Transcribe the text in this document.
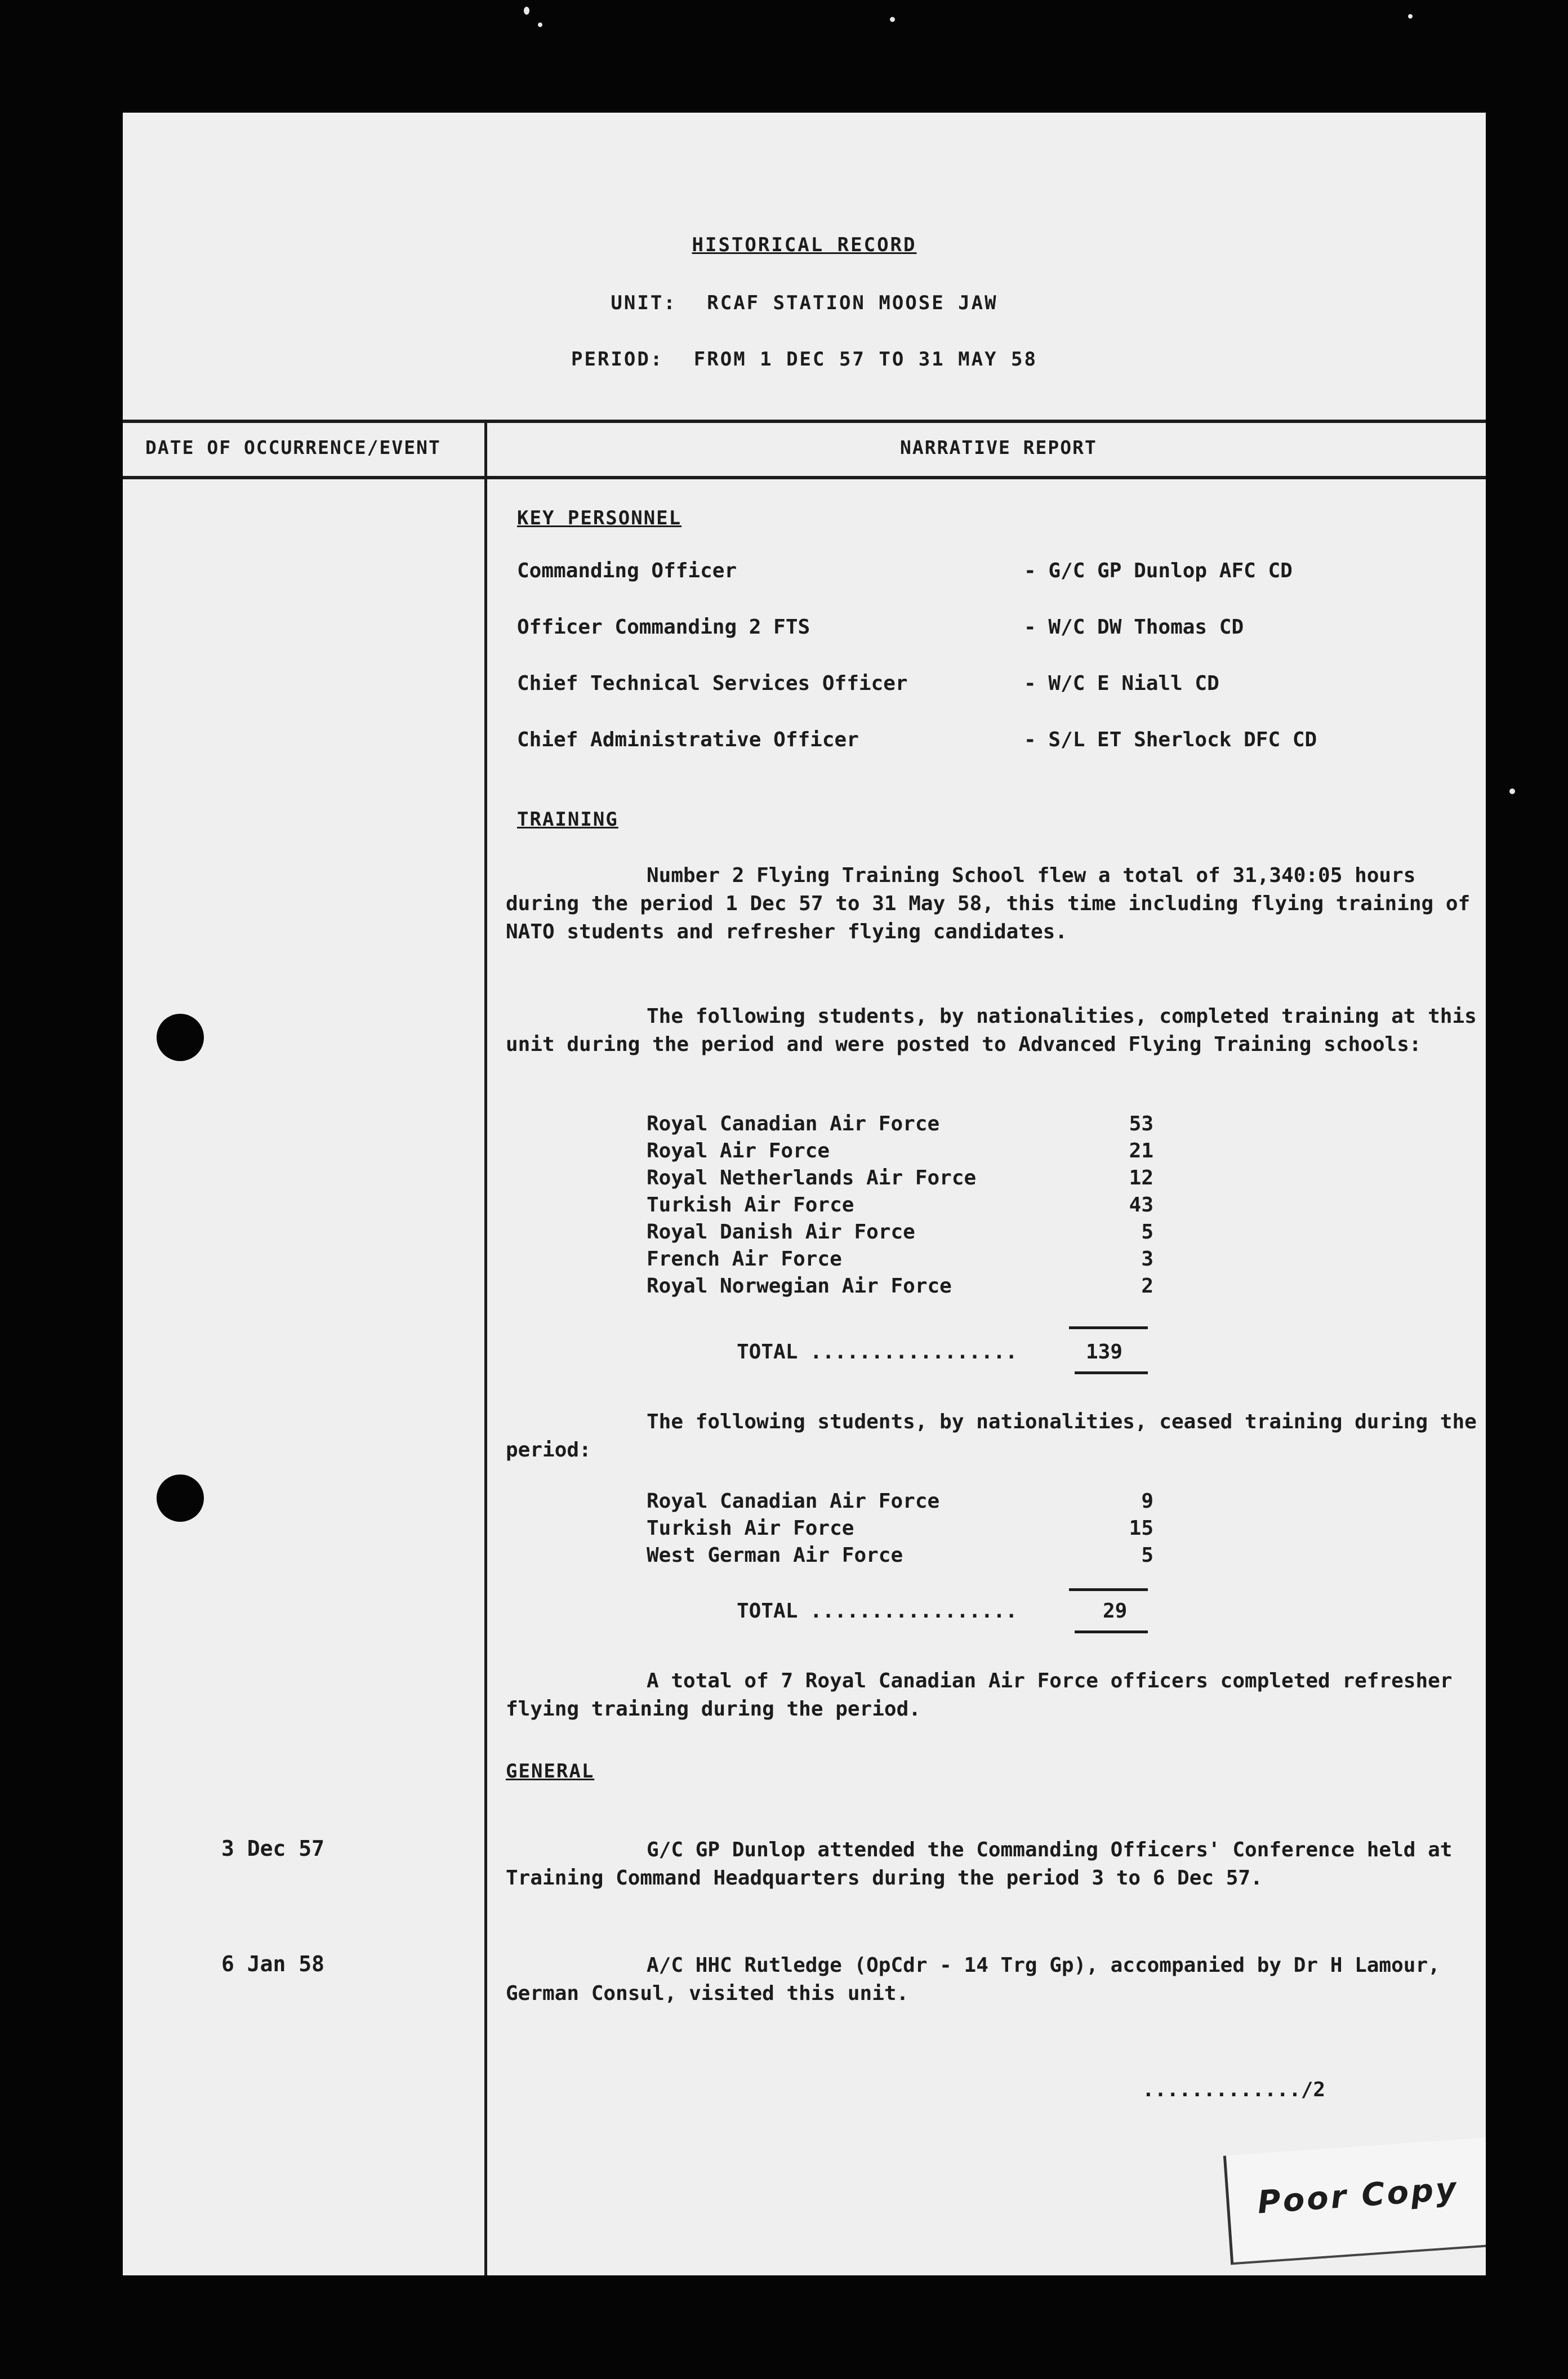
HISTORICAL RECORD
UNIT: RCAF STATION MOOSE JAW
PERIOD: FROM 1 DEC 57 TO 31 MAY 58
DATE OF OCCURRENCE/EVENT	NARRATIVE REPORT
KEY PERSONNEL
Commanding Officer	- G/C GP Dunlop AFC CD
Officer Commanding 2 FTS	- W/C DW Thomas CD
Chief Technical Services Officer	- W/C E Niall CD
Chief Administrative Officer	- S/L ET Sherlock DFC CD
TRAINING
Number 2 Flying Training School flew a total of 31,340:05 hours during the period 1 Dec 57 to 31 May 58, this time including flying training of NATO students and refresher flying candidates.
The following students, by nationalities, completed training at this unit during the period and were posted to Advanced Flying Training schools:
Royal Canadian Air Force	53
Royal Air Force	21
Royal Netherlands Air Force	12
Turkish Air Force	43
Royal Danish Air Force	5
French Air Force	3
Royal Norwegian Air Force	2
TOTAL .................	139
The following students, by nationalities, ceased training during the period:
Royal Canadian Air Force	9
Turkish Air Force	15
West German Air Force	5
TOTAL .................	29
A total of 7 Royal Canadian Air Force officers completed refresher flying training during the period.
GENERAL
3 Dec 57	G/C GP Dunlop attended the Commanding Officers' Conference held at Training Command Headquarters during the period 3 to 6 Dec 57.
6 Jan 58	A/C HHC Rutledge (OpCdr - 14 Trg Gp), accompanied by Dr H Lamour, German Consul, visited this unit.
............./2
Poor Copy
